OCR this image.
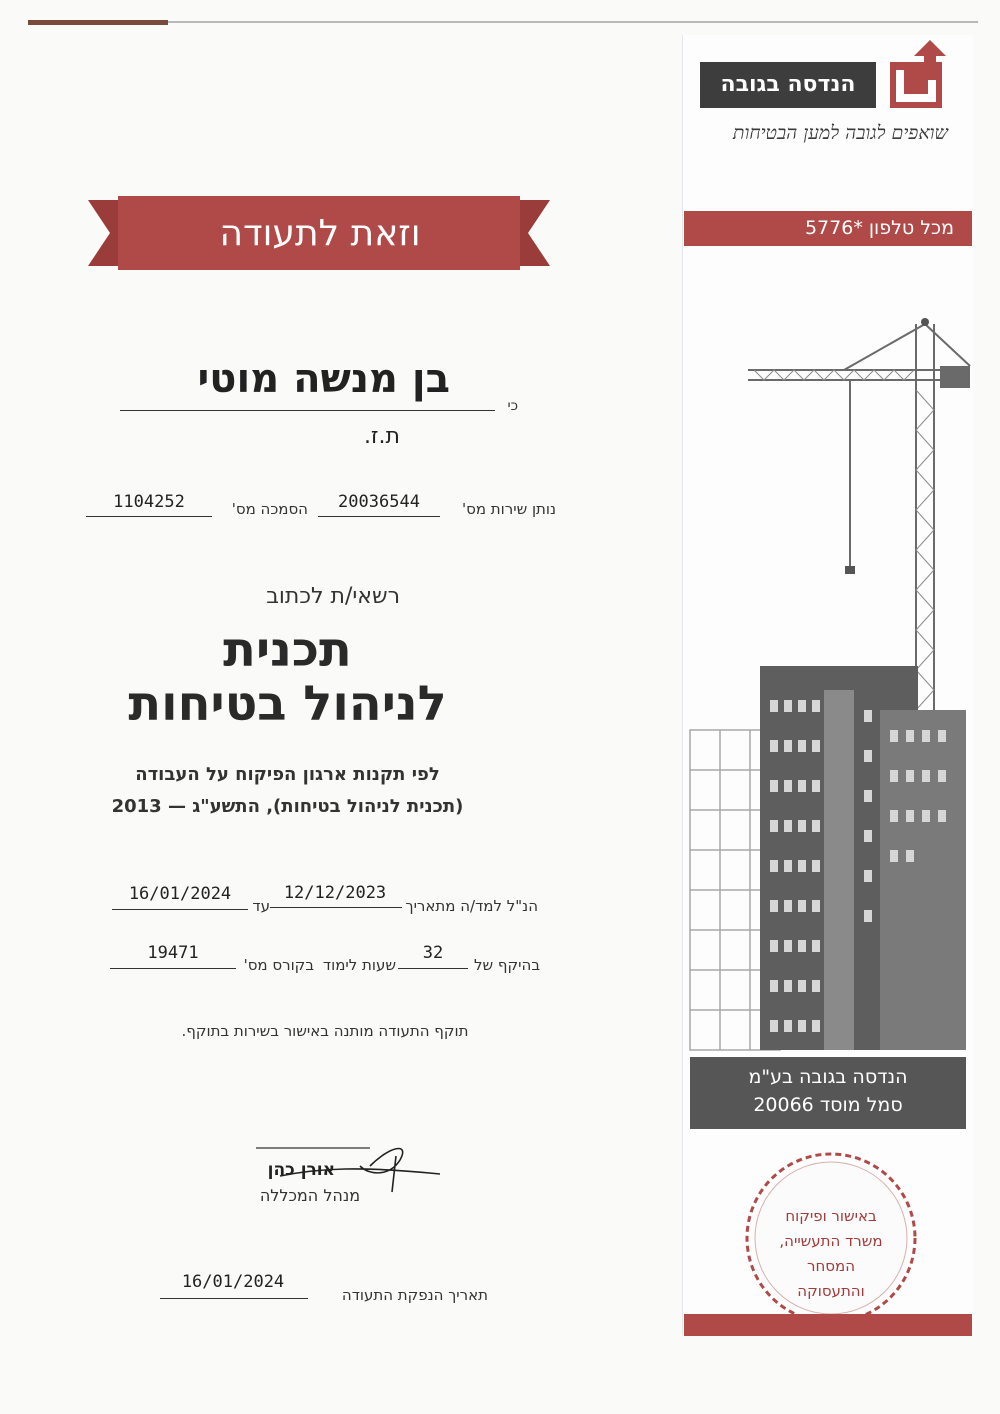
הנדסה בגובה
שואפים לגובה למען הבטיחות
מכל טלפון *5776
הנדסה בגובה בע"מ
סמל מוסד 20066
באישור ופיקוח
משרד התעשייה,
המסחר
והתעסוקה
וזאת לתעודה
בן מנשה מוטי
כי
ת.ז.
20036544	נותן שירות מס'
1104252	הסמכה מס'
רשאי/ת לכתוב
תכנית
לניהול בטיחות
לפי תקנות ארגון הפיקוח על העבודה
(תכנית לניהול בטיחות), התשע"ג — 2013
12/12/2023
הנ"ל למד/ה מתאריך
16/01/2024
עד
32
בהיקף של
שעות לימוד
19471
בקורס מס'
תוקף התעודה מותנה באישור בשירות בתוקף.
אורן כהן
מנהל המכללה
16/01/2024
תאריך הנפקת התעודה
